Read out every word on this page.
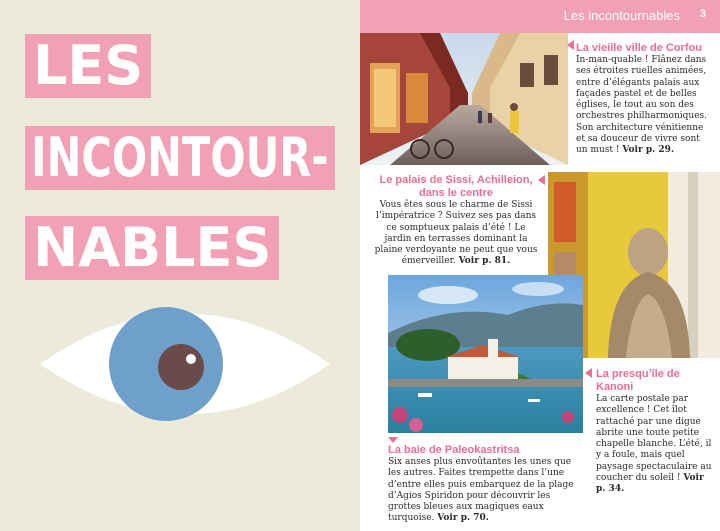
LES
INCONTOUR-
NABLES
Les incontournables 3
La vieille ville de Corfou
In-man-quable ! Flânez dans ses étroites ruelles animées, entre d’élégants palais aux façades pastel et de belles églises, le tout au son des orchestres philharmoniques. Son architecture vénitienne et sa douceur de vivre sont un must ! Voir p. 29.
Le palais de Sissi, Achilleion, dans le centre
Vous êtes sous le charme de Sissi l’impératrice ? Suivez ses pas dans ce somptueux palais d’été ! Le jardin en terrasses dominant la plaine verdoyante ne peut que vous émerveiller. Voir p. 81.
La presqu’île de Kanoni
La carte postale par excellence ! Cet îlot rattaché par une digue abrite une toute petite chapelle blanche. L’été, il y a foule, mais quel paysage spectaculaire au coucher du soleil ! Voir p. 34.
La baie de Paleokastritsa
Six anses plus envoûtantes les unes que les autres. Faites trempette dans l’une d’entre elles puis embarquez de la plage d’Agios Spiridon pour découvrir les grottes bleues aux magiques eaux turquoise. Voir p. 70.
